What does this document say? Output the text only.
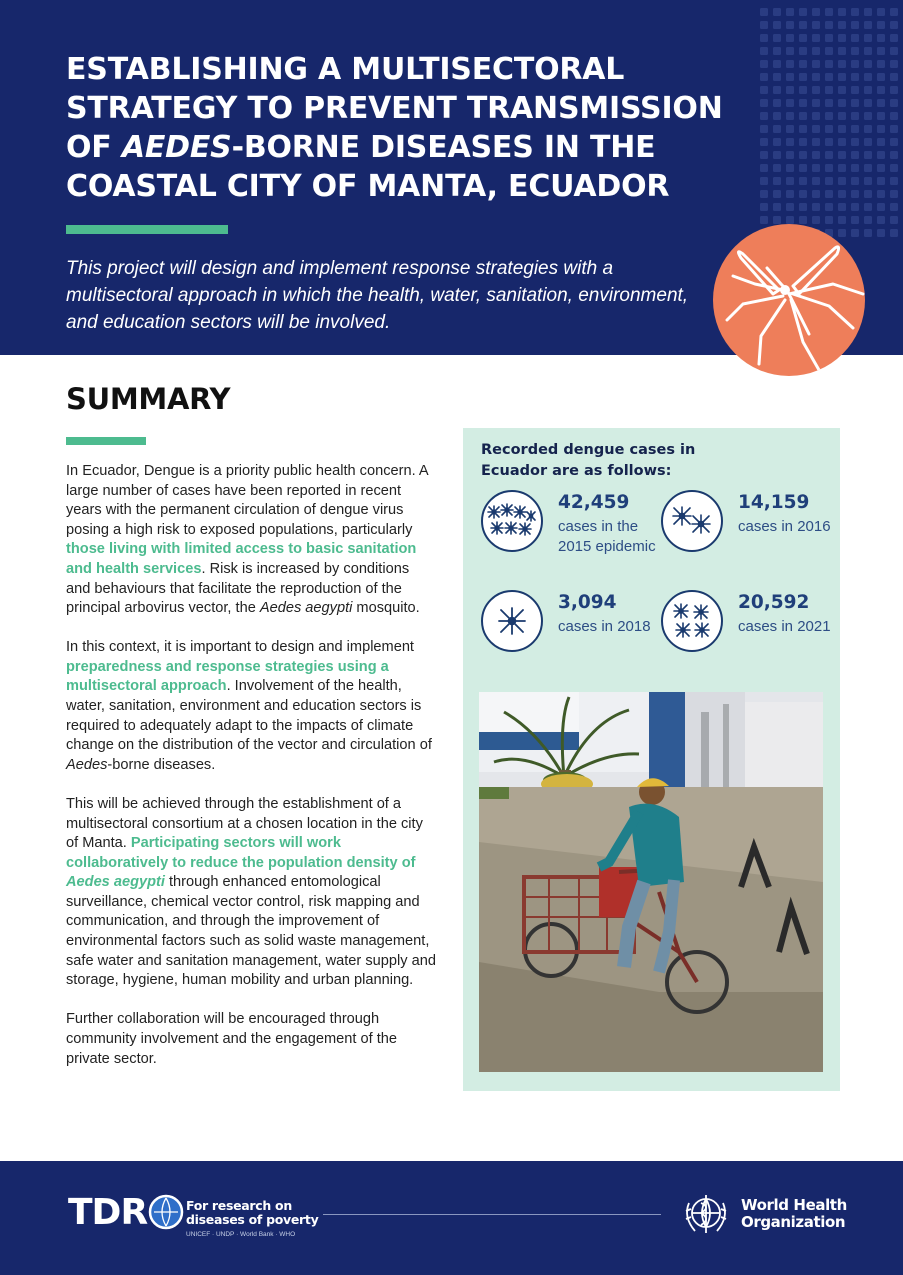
ESTABLISHING A MULTISECTORAL
STRATEGY TO PREVENT TRANSMISSION
OF AEDES-BORNE DISEASES IN THE
COASTAL CITY OF MANTA, ECUADOR

This project will design and implement response strategies with a multisectoral approach in which the health, water, sanitation, environment, and education sectors will be involved.

SUMMARY

In Ecuador, Dengue is a priority public health concern. A large number of cases have been reported in recent years with the permanent circulation of dengue virus posing a high risk to exposed populations, particularly those living with limited access to basic sanitation and health services. Risk is increased by conditions and behaviours that facilitate the reproduction of the principal arbovirus vector, the Aedes aegypti mosquito.

In this context, it is important to design and implement preparedness and response strategies using a multisectoral approach. Involvement of the health, water, sanitation, environment and education sectors is required to adequately adapt to the impacts of climate change on the distribution of the vector and circulation of Aedes-borne diseases.

This will be achieved through the establishment of a multisectoral consortium at a chosen location in the city of Manta. Participating sectors will work collaboratively to reduce the population density of Aedes aegypti through enhanced entomological surveillance, chemical vector control, risk mapping and communication, and through the improvement of environmental factors such as solid waste management, safe water and sanitation management, water supply and storage, hygiene, human mobility and urban planning.

Further collaboration will be encouraged through community involvement and the engagement of the private sector.

Recorded dengue cases in Ecuador are as follows:
42,459
cases in the 2015 epidemic
14,159
cases in 2016
3,094
cases in 2018
20,592
cases in 2021
TDR	For research on
diseases of poverty
UNICEF · UNDP · World Bank · WHO
World Health
Organization
